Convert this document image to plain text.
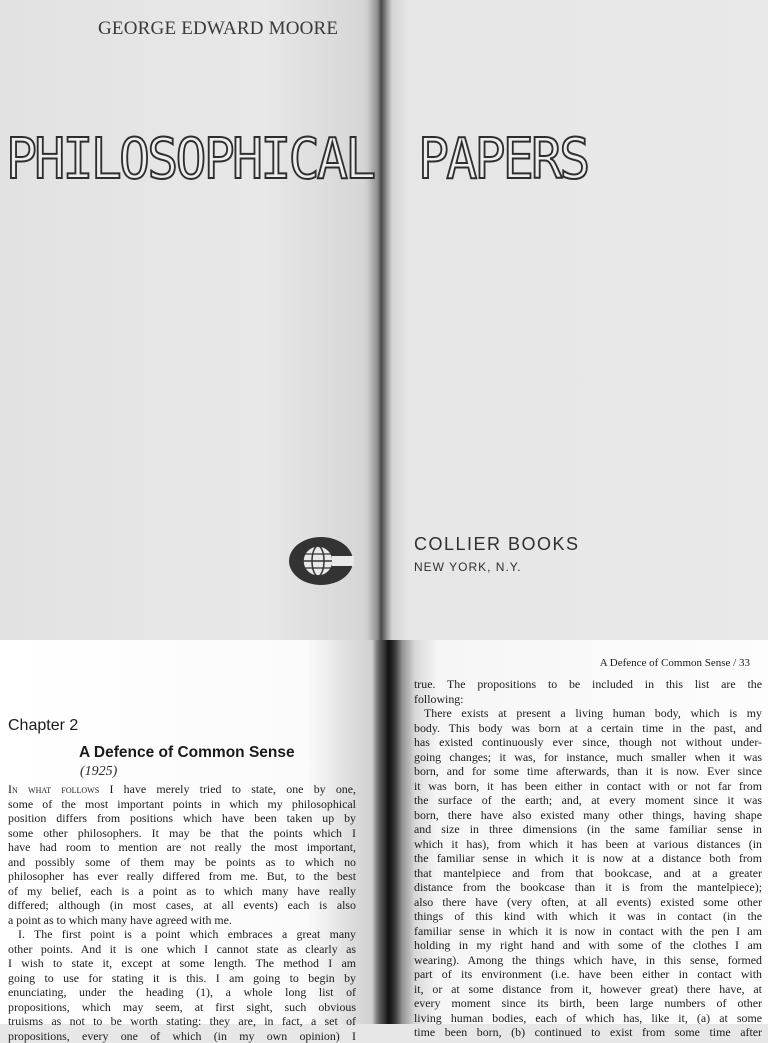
GEORGE EDWARD MOORE
PHILOSOPHICAL PAPERS
COLLIER BOOKS
NEW YORK, N.Y.
Chapter 2
A Defence of Common Sense
(1925)
In what follows I have merely tried to state, one by one,
some of the most important points in which my philosophical
position differs from positions which have been taken up by
some other philosophers. It may be that the points which I
have had room to mention are not really the most important,
and possibly some of them may be points as to which no
philosopher has ever really differed from me. But, to the best
of my belief, each is a point as to which many have really
differed; although (in most cases, at all events) each is also
a point as to which many have agreed with me.
I. The first point is a point which embraces a great many
other points. And it is one which I cannot state as clearly as
I wish to state it, except at some length. The method I am
going to use for stating it is this. I am going to begin by
enunciating, under the heading (1), a whole long list of
propositions, which may seem, at first sight, such obvious
truisms as not to be worth stating: they are, in fact, a set of
propositions, every one of which (in my own opinion) I
A Defence of Common Sense / 33
true. The propositions to be included in this list are the
following:
There exists at present a living human body, which is my
body. This body was born at a certain time in the past, and
has existed continuously ever since, though not without under-
going changes; it was, for instance, much smaller when it was
born, and for some time afterwards, than it is now. Ever since
it was born, it has been either in contact with or not far from
the surface of the earth; and, at every moment since it was
born, there have also existed many other things, having shape
and size in three dimensions (in the same familiar sense in
which it has), from which it has been at various distances (in
the familiar sense in which it is now at a distance both from
that mantelpiece and from that bookcase, and at a greater
distance from the bookcase than it is from the mantelpiece);
also there have (very often, at all events) existed some other
things of this kind with which it was in contact (in the
familiar sense in which it is now in contact with the pen I am
holding in my right hand and with some of the clothes I am
wearing). Among the things which have, in this sense, formed
part of its environment (i.e. have been either in contact with
it, or at some distance from it, however great) there have, at
every moment since its birth, been large numbers of other
living human bodies, each of which has, like it, (a) at some
time been born, (b) continued to exist from some time after
